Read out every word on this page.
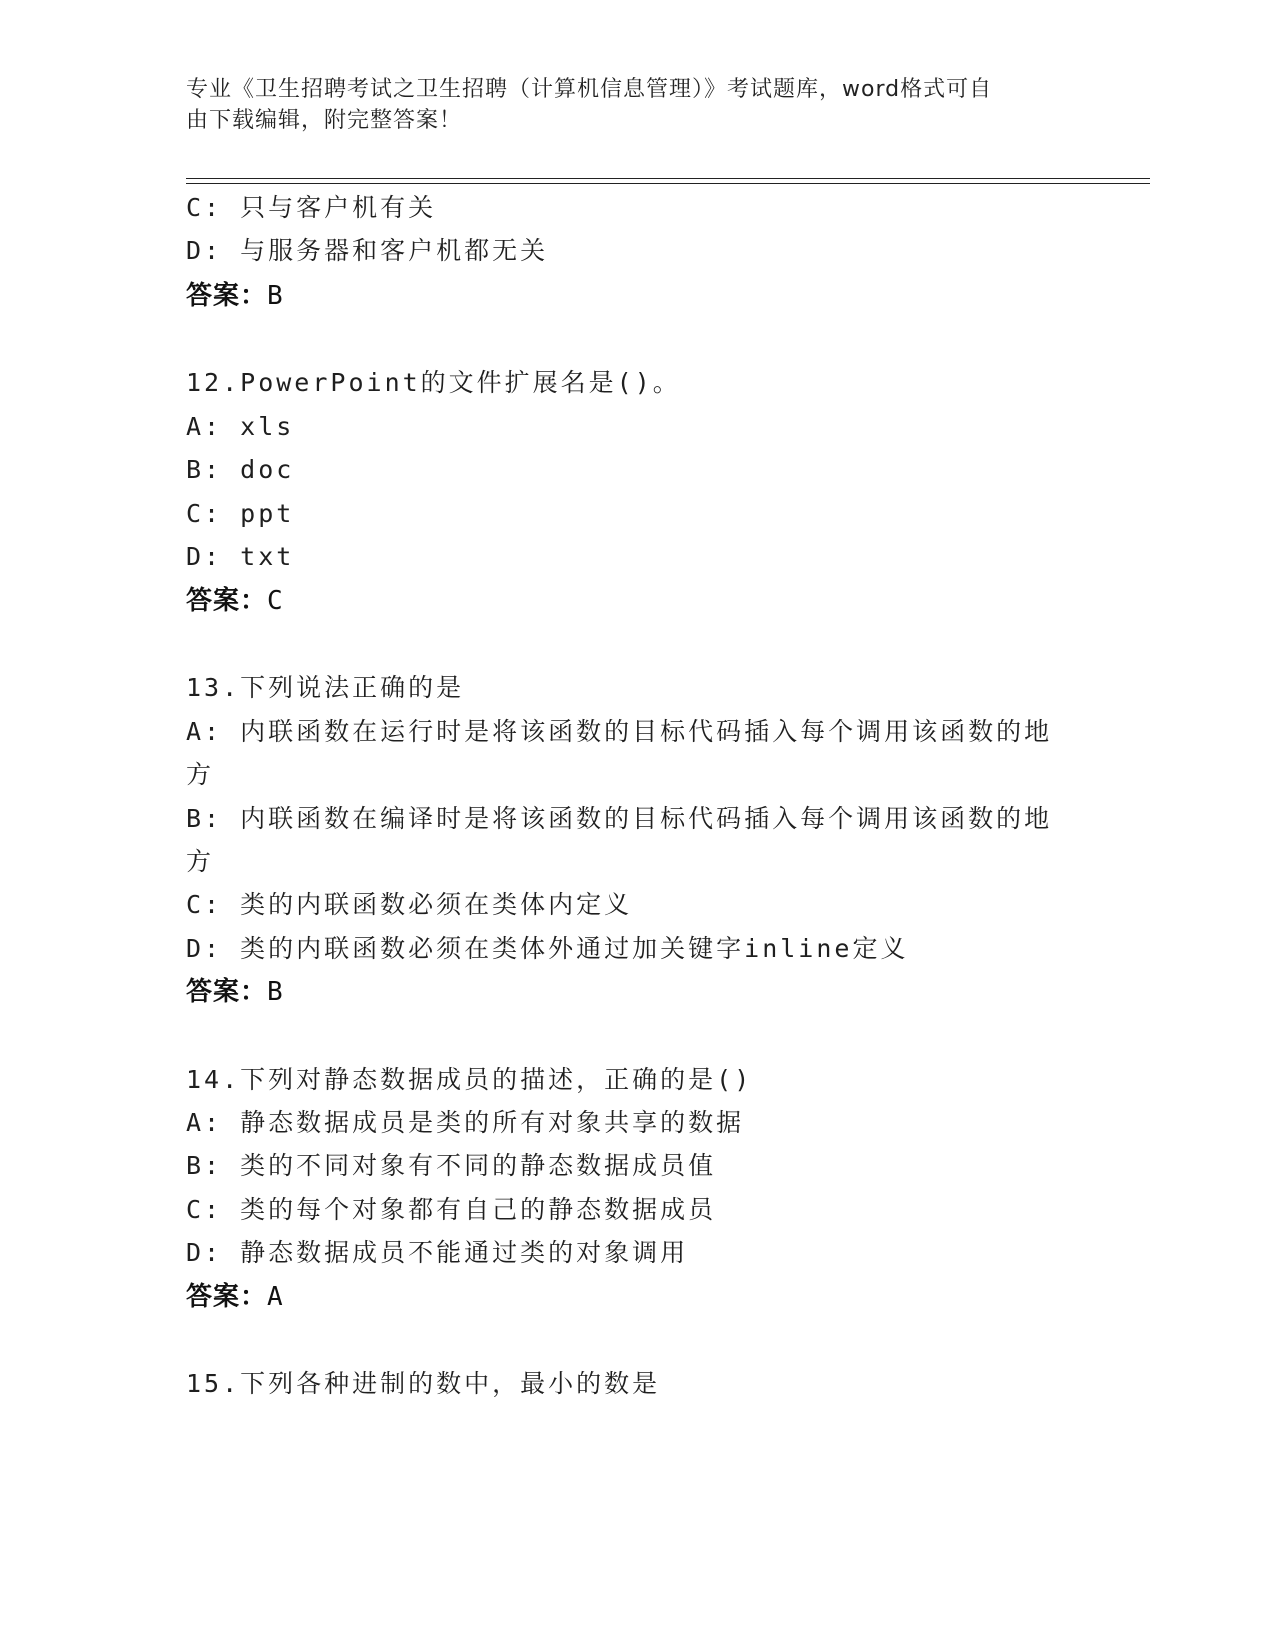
专业《卫生招聘考试之卫生招聘（计算机信息管理）》考试题库，word格式可自
由下载编辑，附完整答案！
C: 只与客户机有关
D: 与服务器和客户机都无关
答案：B
12.PowerPoint的文件扩展名是()。
A: xls
B: doc
C: ppt
D: txt
答案：C
13.下列说法正确的是
A: 内联函数在运行时是将该函数的目标代码插入每个调用该函数的地
方
B: 内联函数在编译时是将该函数的目标代码插入每个调用该函数的地
方
C: 类的内联函数必须在类体内定义
D: 类的内联函数必须在类体外通过加关键字inline定义
答案：B
14.下列对静态数据成员的描述，正确的是()
A: 静态数据成员是类的所有对象共享的数据
B: 类的不同对象有不同的静态数据成员值
C: 类的每个对象都有自己的静态数据成员
D: 静态数据成员不能通过类的对象调用
答案：A
15.下列各种进制的数中，最小的数是
